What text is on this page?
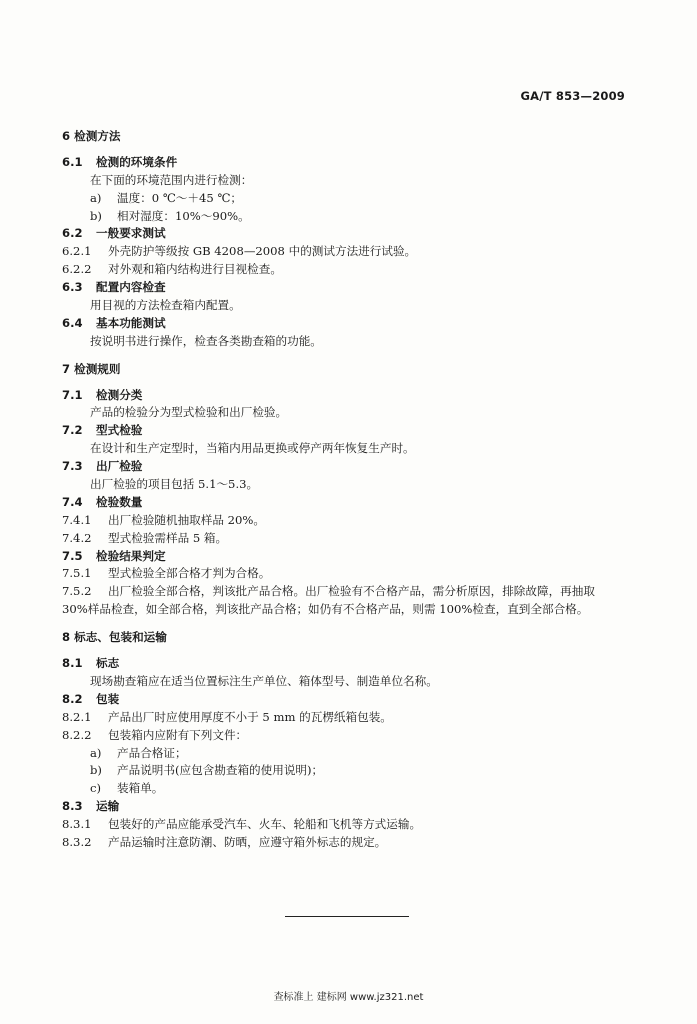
GA/T 853—2009
6 检测方法
6.1 检测的环境条件
在下面的环境范围内进行检测：
a) 温度：0 ℃～＋45 ℃；
b) 相对湿度：10%～90%。
6.2 一般要求测试
6.2.1 外壳防护等级按 GB 4208—2008 中的测试方法进行试验。
6.2.2 对外观和箱内结构进行目视检查。
6.3 配置内容检查
用目视的方法检查箱内配置。
6.4 基本功能测试
按说明书进行操作，检查各类勘查箱的功能。
7 检测规则
7.1 检测分类
产品的检验分为型式检验和出厂检验。
7.2 型式检验
在设计和生产定型时，当箱内用品更换或停产两年恢复生产时。
7.3 出厂检验
出厂检验的项目包括 5.1～5.3。
7.4 检验数量
7.4.1 出厂检验随机抽取样品 20%。
7.4.2 型式检验需样品 5 箱。
7.5 检验结果判定
7.5.1 型式检验全部合格才判为合格。
7.5.2 出厂检验全部合格，判该批产品合格。出厂检验有不合格产品，需分析原因，排除故障，再抽取
30%样品检查，如全部合格，判该批产品合格；如仍有不合格产品，则需 100%检查，直到全部合格。
8 标志、包装和运输
8.1 标志
现场勘查箱应在适当位置标注生产单位、箱体型号、制造单位名称。
8.2 包装
8.2.1 产品出厂时应使用厚度不小于 5 mm 的瓦楞纸箱包装。
8.2.2 包装箱内应附有下列文件：
a) 产品合格证；
b) 产品说明书(应包含勘查箱的使用说明)；
c) 装箱单。
8.3 运输
8.3.1 包装好的产品应能承受汽车、火车、轮船和飞机等方式运输。
8.3.2 产品运输时注意防潮、防晒，应遵守箱外标志的规定。
查标准上 建标网 www.jz321.net
